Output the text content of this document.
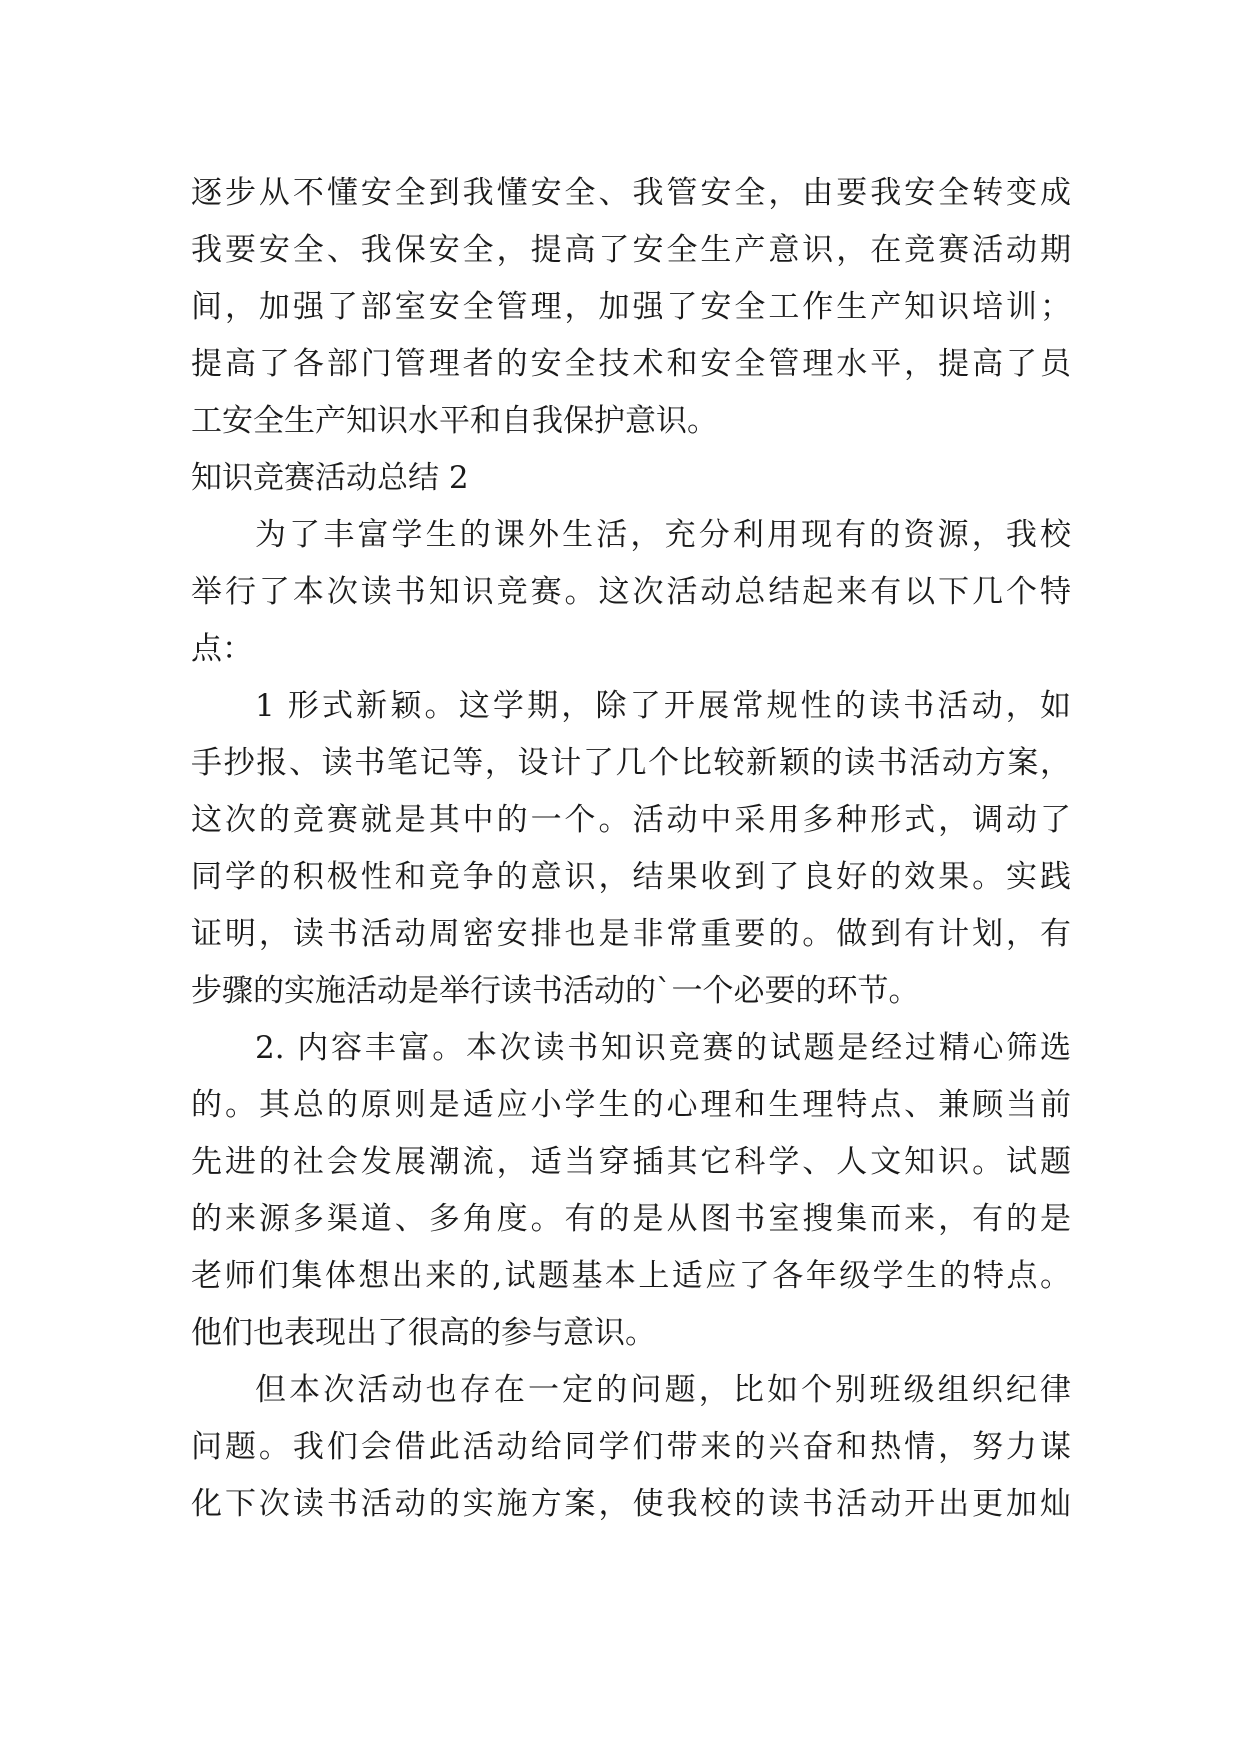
逐步从不懂安全到我懂安全、我管安全，由要我安全转变成
我要安全、我保安全，提高了安全生产意识，在竞赛活动期
间，加强了部室安全管理，加强了安全工作生产知识培训；
提高了各部门管理者的安全技术和安全管理水平，提高了员
工安全生产知识水平和自我保护意识。
知识竞赛活动总结 2
为了丰富学生的课外生活，充分利用现有的资源，我校
举行了本次读书知识竞赛。这次活动总结起来有以下几个特
点：
1 形式新颖。这学期，除了开展常规性的读书活动，如
手抄报、读书笔记等，设计了几个比较新颖的读书活动方案，
这次的竞赛就是其中的一个。活动中采用多种形式，调动了
同学的积极性和竞争的意识，结果收到了良好的效果。实践
证明，读书活动周密安排也是非常重要的。做到有计划，有
步骤的实施活动是举行读书活动的`一个必要的环节。
2. 内容丰富。本次读书知识竞赛的试题是经过精心筛选
的。其总的原则是适应小学生的心理和生理特点、兼顾当前
先进的社会发展潮流，适当穿插其它科学、人文知识。试题
的来源多渠道、多角度。有的是从图书室搜集而来，有的是
老师们集体想出来的,试题基本上适应了各年级学生的特点。
他们也表现出了很高的参与意识。
但本次活动也存在一定的问题，比如个别班级组织纪律
问题。我们会借此活动给同学们带来的兴奋和热情，努力谋
化下次读书活动的实施方案，使我校的读书活动开出更加灿
